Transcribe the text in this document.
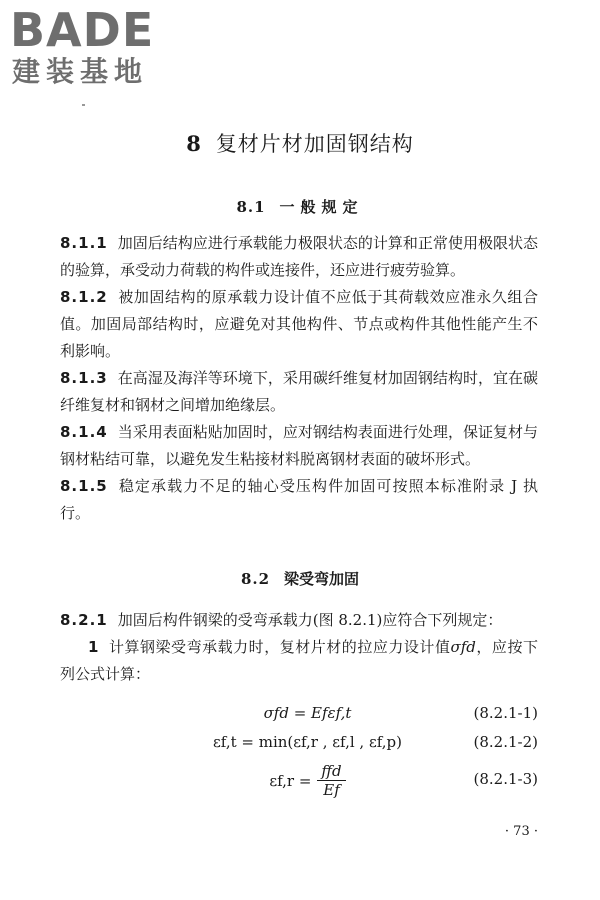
BADE
建装基地
8 复材片材加固钢结构
8.1 一般规定

8.1.1 加固后结构应进行承载能力极限状态的计算和正常使用极限状态的验算，承受动力荷载的构件或连接件，还应进行疲劳验算。

8.1.2 被加固结构的原承载力设计值不应低于其荷载效应准永久组合值。加固局部结构时，应避免对其他构件、节点或构件其他性能产生不利影响。

8.1.3 在高湿及海洋等环境下，采用碳纤维复材加固钢结构时，宜在碳纤维复材和钢材之间增加绝缘层。

8.1.4 当采用表面粘贴加固时，应对钢结构表面进行处理，保证复材与钢材粘结可靠，以避免发生粘接材料脱离钢材表面的破坏形式。

8.1.5 稳定承载力不足的轴心受压构件加固可按照本标准附录 J 执行。

8.2 梁受弯加固

8.2.1 加固后构件钢梁的受弯承载力(图 8.2.1)应符合下列规定：

1 计算钢梁受弯承载力时，复材片材的拉应力设计值σfd，应按下列公式计算：

σfd = Efεf,t	(8.2.1-1)
εf,t = min(εf,r , εf,l , εf,p)	(8.2.1-2)
$\varepsilon f,r = \frac{\text{ffd}}{Ef}$	(8.2.1-3)
· 73 ·
